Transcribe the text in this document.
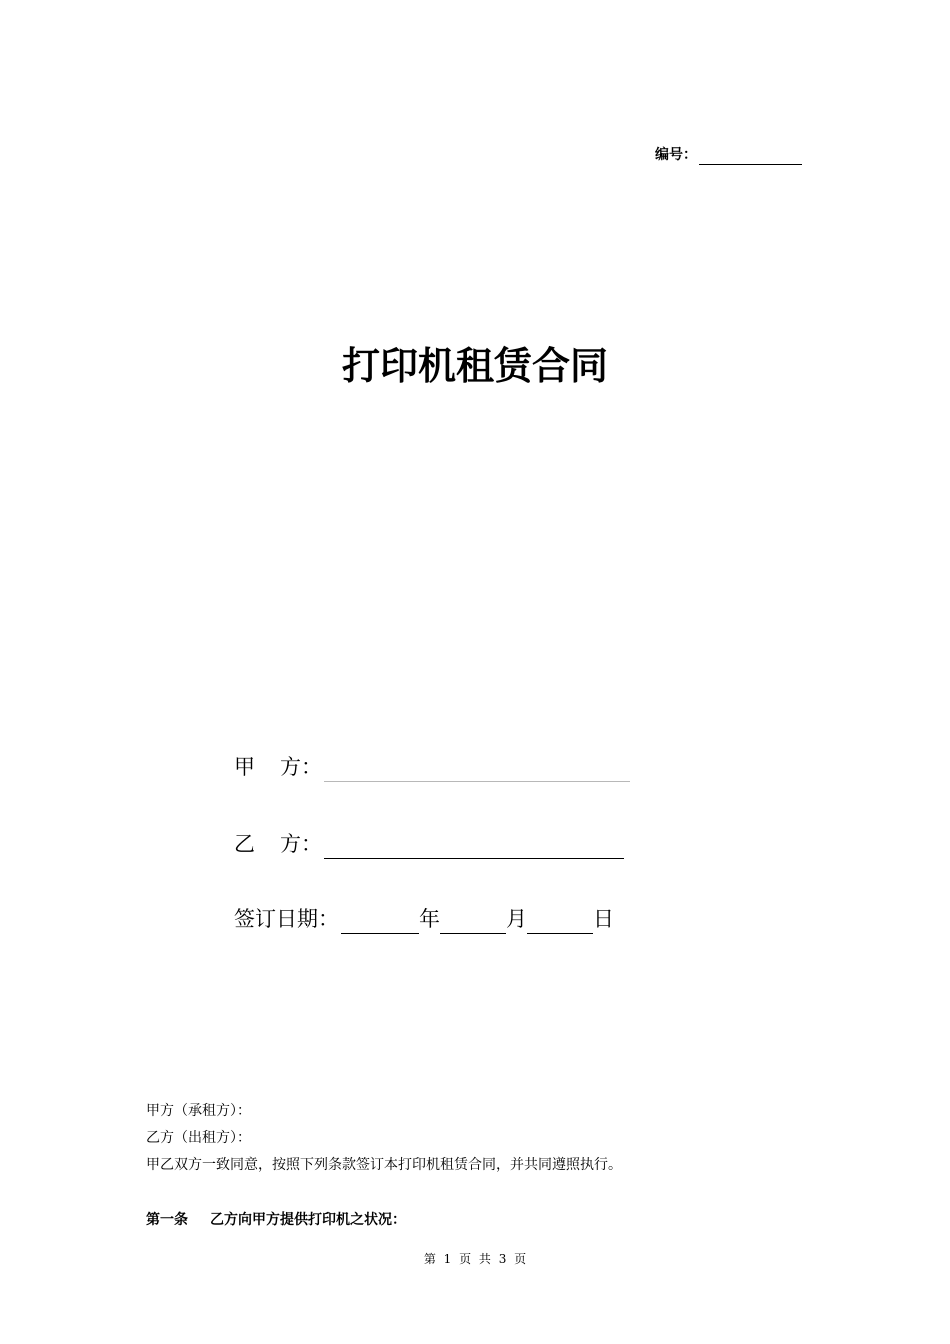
编号：
打印机租赁合同
甲 方：
乙 方：
签订日期：	年	月	日
甲方（承租方）：
乙方（出租方）：
甲乙双方一致同意，按照下列条款签订本打印机租赁合同，并共同遵照执行。
第一条 乙方向甲方提供打印机之状况：
第 1 页 共 3 页
